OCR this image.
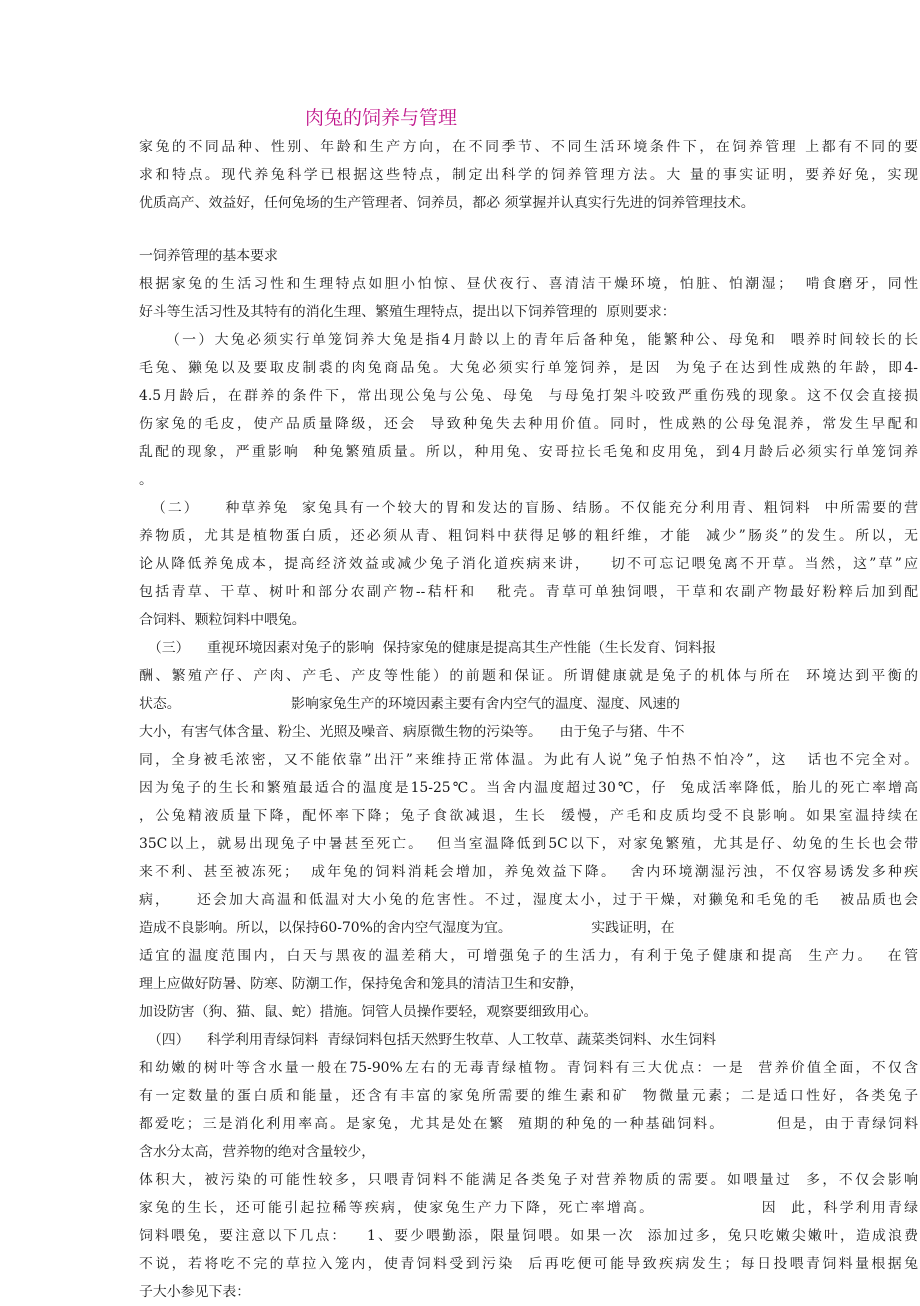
肉兔的饲养与管理
家兔的不同品种、性别、年龄和生产方向，在不同季节、不同生活环境条件下，在饲养管理 上都有不同的要
求和特点。现代养兔科学已根据这些特点，制定出科学的饲养管理方法。大 量的事实证明，要养好兔，实现
优质高产、效益好，任何兔场的生产管理者、饲养员，都必 须掌握并认真实行先进的饲养管理技术。
一饲养管理的基本要求
根据家兔的生活习性和生理特点如胆小怕惊、昼伏夜行、喜清洁干燥环境，怕脏、怕潮湿；  啃食磨牙，同性
好斗等生活习性及其特有的消化生理、繁殖生理特点，提出以下饲养管理的  原则要求：
（一）大兔必须实行单笼饲养大兔是指4月龄以上的青年后备种兔，能繁种公、母兔和  喂养时间较长的长
毛兔、獭兔以及要取皮制裘的肉兔商品兔。大兔必须实行单笼饲养，是因  为兔子在达到性成熟的年龄，即4-
4.5月龄后，在群养的条件下，常出现公兔与公兔、母兔  与母兔打架斗咬致严重伤残的现象。这不仅会直接损
伤家兔的毛皮，使产品质量降级，还会  导致种兔失去种用价值。同时，性成熟的公母兔混养，常发生早配和
乱配的现象，严重影响  种兔繁殖质量。所以，种用兔、安哥拉长毛兔和皮用兔，到4月龄后必须实行单笼饲养
。
（二）    种草养兔  家兔具有一个较大的胃和发达的盲肠、结肠。不仅能充分利用青、粗饲料  中所需要的营
养物质，尤其是植物蛋白质，还必须从青、粗饲料中获得足够的粗纤维，才能  减少”肠炎”的发生。所以，无
论从降低养兔成本，提高经济效益或减少兔子消化道疾病来讲，   切不可忘记喂兔离不开草。当然，这”草”应
包括青草、干草、树叶和部分农副产物--秸杆和   秕壳。青草可单独饲喂，干草和农副产物最好粉粹后加到配
合饲料、颗粒饲料中喂兔。
（三）    重视环境因素对兔子的影响  保持家兔的健康是提高其生产性能（生长发育、饲料报
酬、繁殖产仔、产肉、产毛、产皮等性能）的前题和保证。所谓健康就是兔子的机体与所在  环境达到平衡的
状态。                         影响家兔生产的环境因素主要有舍内空气的温度、湿度、风速的
大小，有害气体含量、粉尘、光照及噪音、病原微生物的污染等。    由于兔子与猪、牛不
同，全身被毛浓密，又不能依靠”出汗”来维持正常体温。为此有人说”兔子怕热不怕冷”，这   话也不完全对。
因为兔子的生长和繁殖最适合的温度是15-25℃。当舍内温度超过30℃，仔  兔成活率降低，胎儿的死亡率增高
，公兔精液质量下降，配怀率下降；兔子食欲减退，生长  缓慢，产毛和皮质均受不良影响。如果室温持续在
35C以上，就易出现兔子中暑甚至死亡。  但当室温降低到5C以下，对家兔繁殖，尤其是仔、幼兔的生长也会带
来不利、甚至被冻死；  成年兔的饲料消耗会增加，养兔效益下降。  舍内环境潮湿污浊，不仅容易诱发多种疾
病，    还会加大高温和低温对大小兔的危害性。不过，湿度太小，过于干燥，对獭兔和毛兔的毛   被品质也会
造成不良影响。所以，以保持60-70%的舍内空气湿度为宜。                  实践证明，在
适宜的温度范围内，白天与黑夜的温差稍大，可增强兔子的生活力，有利于兔子健康和提高  生产力。  在管
理上应做好防暑、防寒、防潮工作，保持兔舍和笼具的清洁卫生和安静，
加设防害（狗、猫、鼠、蛇）措施。饲管人员操作要轻，观察要细致用心。
（四）    科学利用青绿饲料  青绿饲料包括天然野生牧草、人工牧草、蔬菜类饲料、水生饲料
和幼嫩的树叶等含水量一般在75-90%左右的无毒青绿植物。青饲料有三大优点：一是  营养价值全面，不仅含
有一定数量的蛋白质和能量，还含有丰富的家兔所需要的维生素和矿  物微量元素；二是适口性好，各类兔子
都爱吃；三是消化利用率高。是家兔，尤其是处在繁  殖期的种兔的一种基础饲料。        但是，由于青绿饲料
含水分太高，营养物的绝对含量较少，
体积大，被污染的可能性较多，只喂青饲料不能满足各类兔子对营养物质的需要。如喂量过  多，不仅会影响
家兔的生长，还可能引起拉稀等疾病，使家兔生产力下降，死亡率增高。                因  此，科学利用青绿
饲料喂兔，要注意以下几点：   1、要少喂勤添，限量饲喂。如果一次  添加过多，兔只吃嫩尖嫩叶，造成浪费
不说，若将吃不完的草拉入笼内，使青饲料受到污染  后再吃便可能导致疾病发生；每日投喂青饲料量根据兔
子大小参见下表：
